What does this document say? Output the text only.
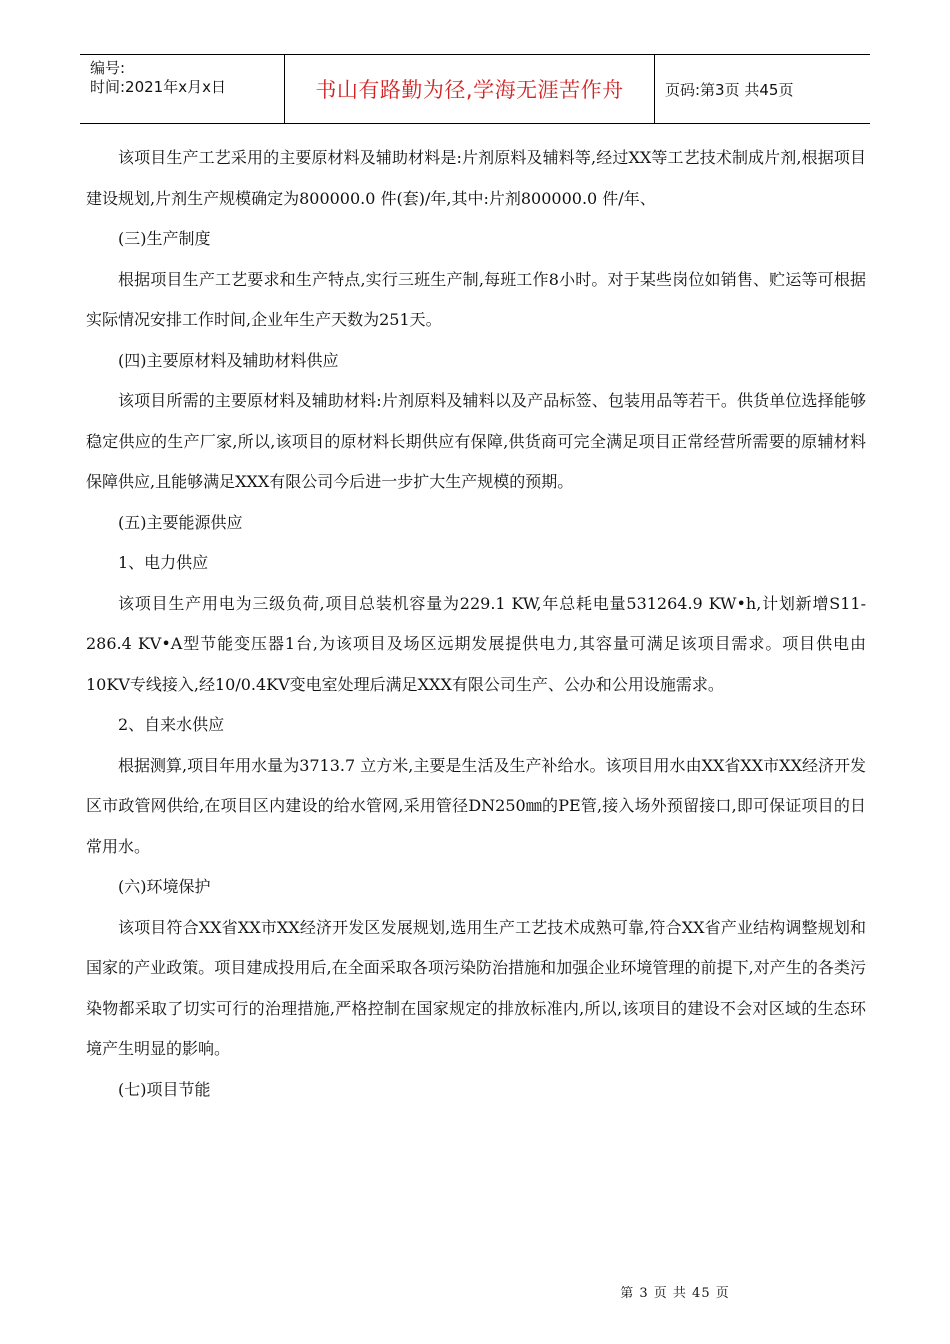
编号:
时间:2021年x月x日	书山有路勤为径,学海无涯苦作舟	页码:第3页 共45页

该项目生产工艺采用的主要原材料及辅助材料是:片剂原料及辅料等,经过XX等工艺技术制成片剂,根据项目建设规划,片剂生产规模确定为800000.0 件(套)/年,其中:片剂800000.0 件/年、

(三)生产制度

根据项目生产工艺要求和生产特点,实行三班生产制,每班工作8小时。对于某些岗位如销售、贮运等可根据实际情况安排工作时间,企业年生产天数为251天。

(四)主要原材料及辅助材料供应

该项目所需的主要原材料及辅助材料:片剂原料及辅料以及产品标签、包装用品等若干。供货单位选择能够稳定供应的生产厂家,所以,该项目的原材料长期供应有保障,供货商可完全满足项目正常经营所需要的原辅材料保障供应,且能够满足XXX有限公司今后进一步扩大生产规模的预期。

(五)主要能源供应

1、电力供应

该项目生产用电为三级负荷,项目总装机容量为229.1 KW,年总耗电量531264.9 KW•h,计划新增S11-286.4 KV•A型节能变压器1台,为该项目及场区远期发展提供电力,其容量可满足该项目需求。项目供电由10KV专线接入,经10/0.4KV变电室处理后满足XXX有限公司生产、公办和公用设施需求。

2、自来水供应

根据测算,项目年用水量为3713.7 立方米,主要是生活及生产补给水。该项目用水由XX省XX市XX经济开发区市政管网供给,在项目区内建设的给水管网,采用管径DN250㎜的PE管,接入场外预留接口,即可保证项目的日常用水。

(六)环境保护

该项目符合XX省XX市XX经济开发区发展规划,选用生产工艺技术成熟可靠,符合XX省产业结构调整规划和国家的产业政策。项目建成投用后,在全面采取各项污染防治措施和加强企业环境管理的前提下,对产生的各类污染物都采取了切实可行的治理措施,严格控制在国家规定的排放标准内,所以,该项目的建设不会对区域的生态环境产生明显的影响。

(七)项目节能

第 3 页 共 45 页
